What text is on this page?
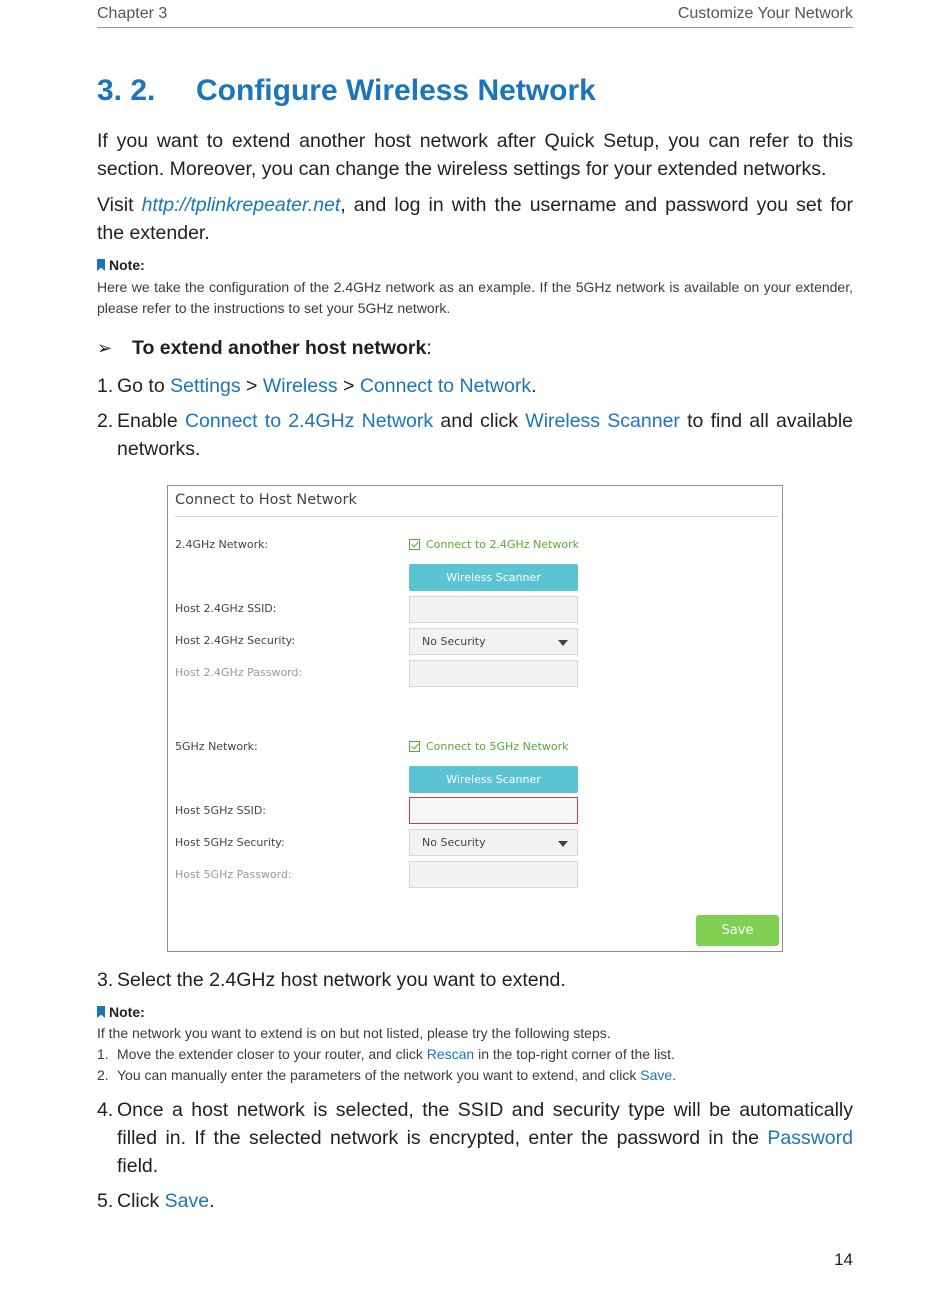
Chapter 3	Customize Your Network
3. 2. Configure Wireless Network
If you want to extend another host network after Quick Setup, you can refer to this section. Moreover, you can change the wireless settings for your extended networks.
Visit http://tplinkrepeater.net, and log in with the username and password you set for the extender.
Note:
Here we take the configuration of the 2.4GHz network as an example. If the 5GHz network is available on your extender, please refer to the instructions to set your 5GHz network.
➢	To extend another host network :
1. Go to Settings > Wireless > Connect to Network.
2. Enable Connect to 2.4GHz Network and click Wireless Scanner to find all available networks.
Connect to Host Network
2.4GHz Network:	Connect to 2.4GHz Network
Wireless Scanner
Host 2.4GHz SSID:
Host 2.4GHz Security:	No Security
Host 2.4GHz Password:
5GHz Network:	Connect to 5GHz Network
Wireless Scanner
Host 5GHz SSID:
Host 5GHz Security:	No Security
Host 5GHz Password:
Save
3. Select the 2.4GHz host network you want to extend.
Note:
If the network you want to extend is on but not listed, please try the following steps.
1. Move the extender closer to your router, and click Rescan in the top-right corner of the list.
2. You can manually enter the parameters of the network you want to extend, and click Save.
4. Once a host network is selected, the SSID and security type will be automatically filled in. If the selected network is encrypted, enter the password in the Password field.
5. Click Save.
14
